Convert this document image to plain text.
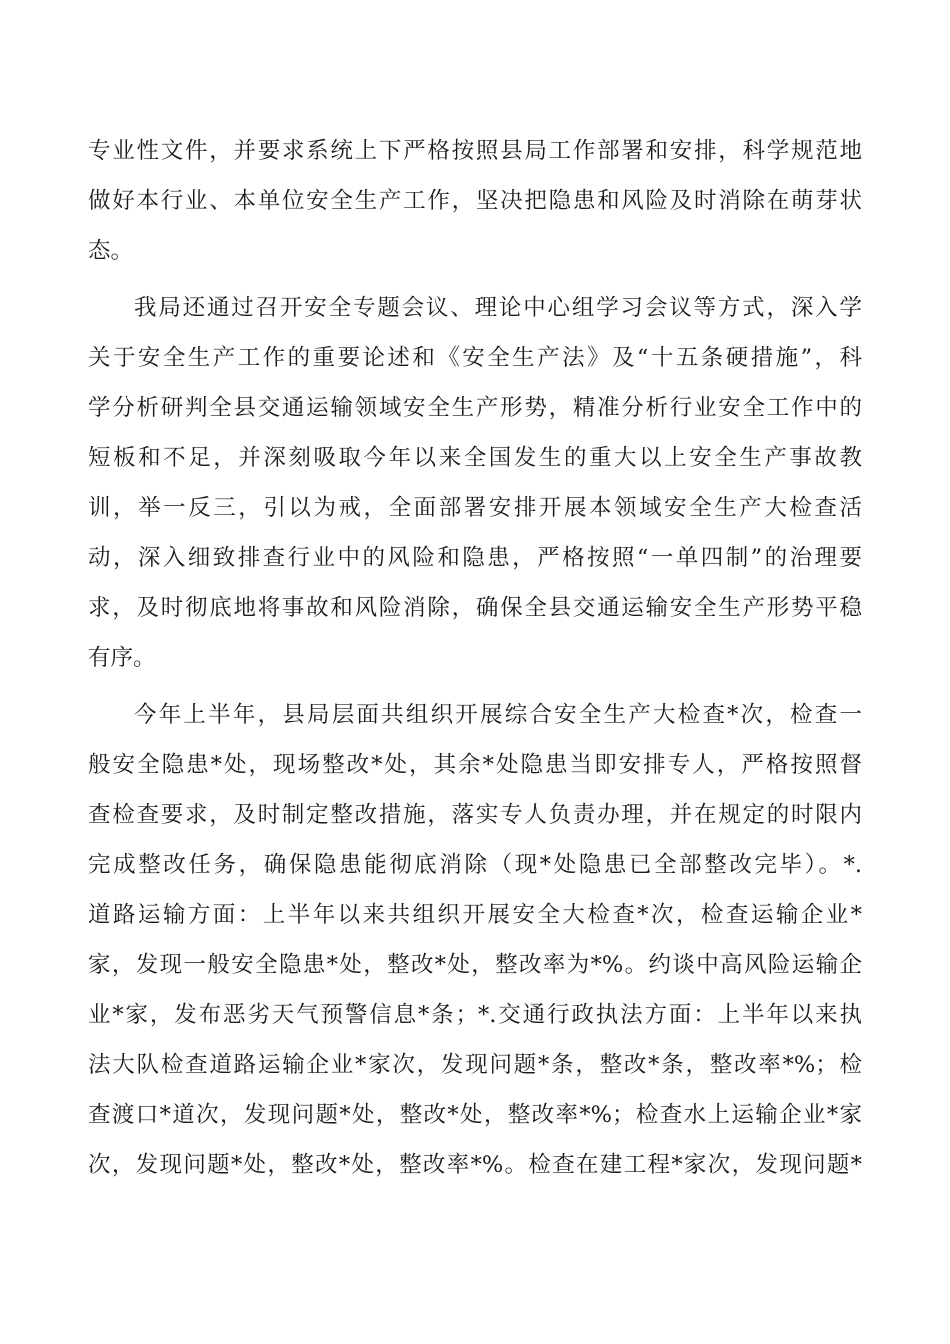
专业性文件，并要求系统上下严格按照县局工作部署和安排，科学规范地
做好本行业、本单位安全生产工作，坚决把隐患和风险及时消除在萌芽状
态。
我局还通过召开安全专题会议、理论中心组学习会议等方式，深入学
关于安全生产工作的重要论述和《安全生产法》及“十五条硬措施”，科
学分析研判全县交通运输领域安全生产形势，精准分析行业安全工作中的
短板和不足，并深刻吸取今年以来全国发生的重大以上安全生产事故教
训，举一反三，引以为戒，全面部署安排开展本领域安全生产大检查活
动，深入细致排查行业中的风险和隐患，严格按照“一单四制”的治理要
求，及时彻底地将事故和风险消除，确保全县交通运输安全生产形势平稳
有序。
今年上半年，县局层面共组织开展综合安全生产大检查*次，检查一
般安全隐患*处，现场整改*处，其余*处隐患当即安排专人，严格按照督
查检查要求，及时制定整改措施，落实专人负责办理，并在规定的时限内
完成整改任务，确保隐患能彻底消除（现*处隐患已全部整改完毕）。*.
道路运输方面：上半年以来共组织开展安全大检查*次，检查运输企业*
家，发现一般安全隐患*处，整改*处，整改率为*%。约谈中高风险运输企
业*家，发布恶劣天气预警信息*条；*.交通行政执法方面：上半年以来执
法大队检查道路运输企业*家次，发现问题*条，整改*条，整改率*%；检
查渡口*道次，发现问题*处，整改*处，整改率*%；检查水上运输企业*家
次，发现问题*处，整改*处，整改率*%。检查在建工程*家次，发现问题*
